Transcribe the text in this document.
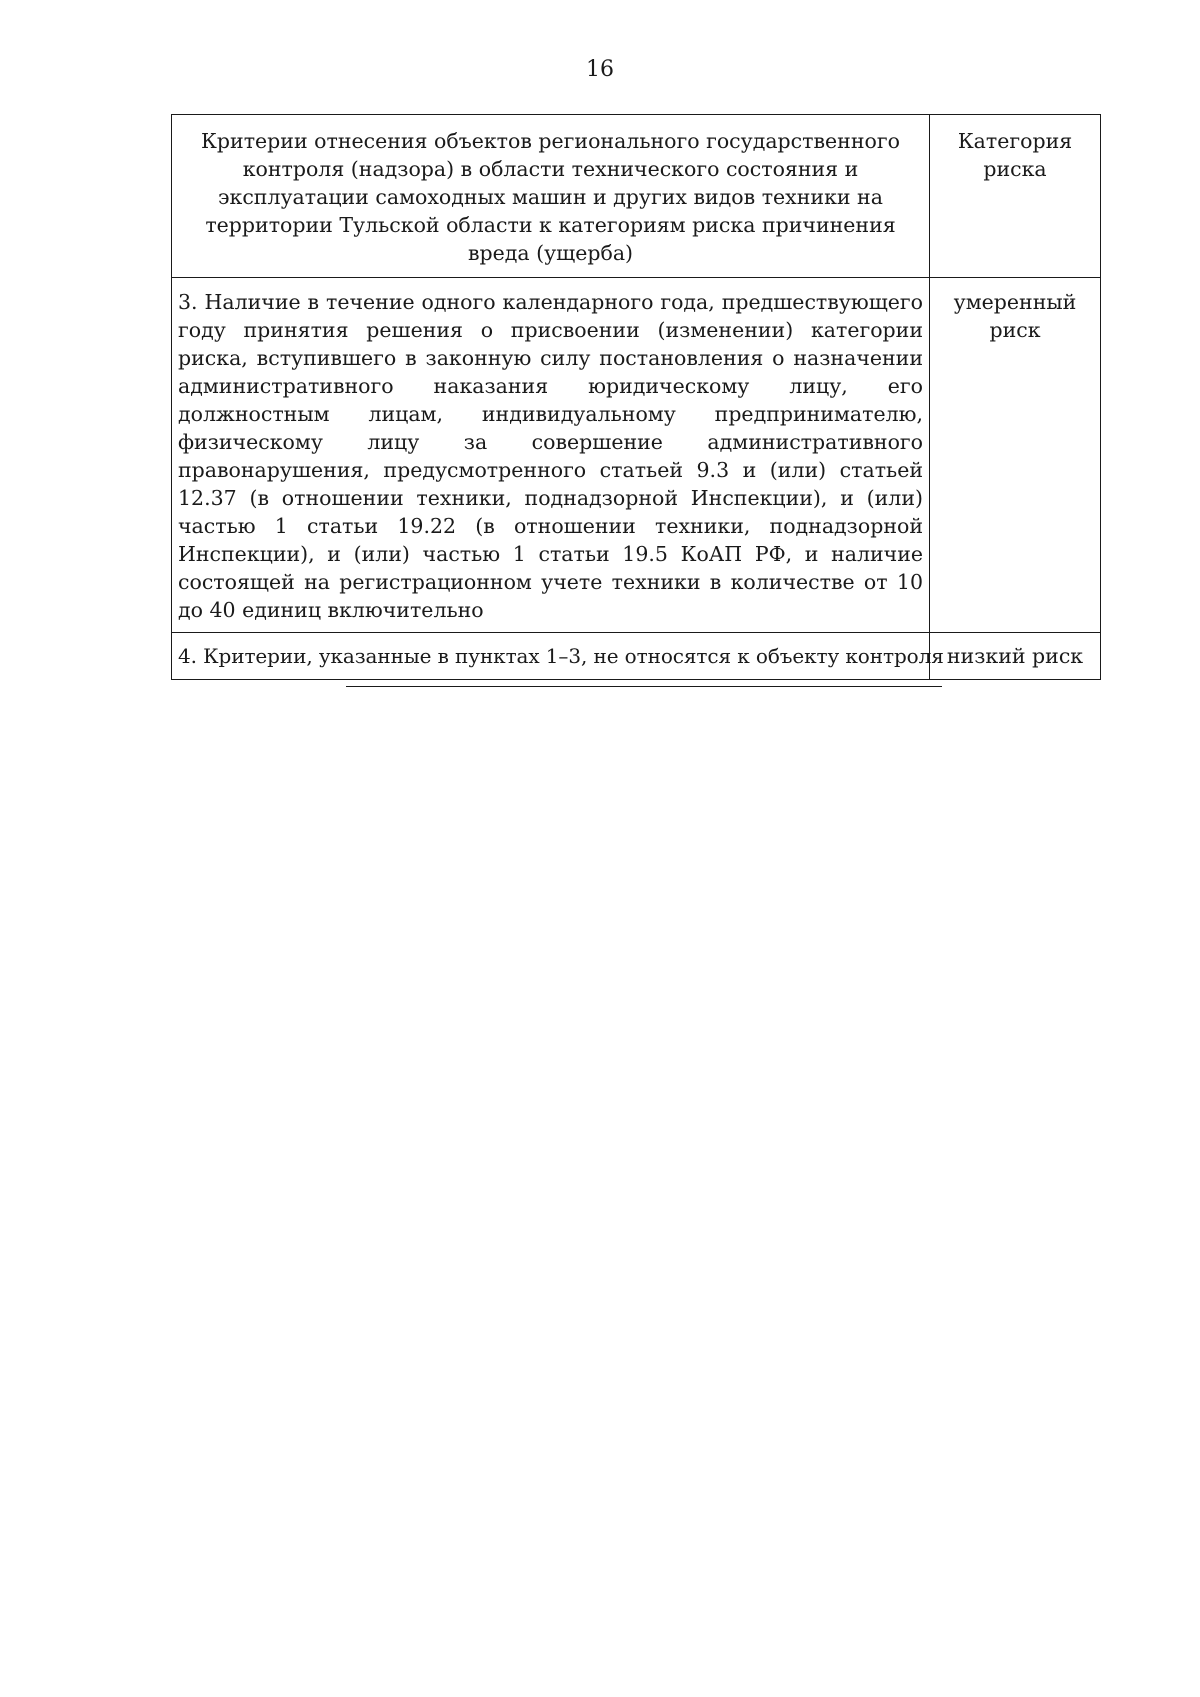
16
Критерии отнесения объектов регионального государственного контроля (надзора) в области технического состояния и эксплуатации самоходных машин и других видов техники на территории Тульской области к категориям риска причинения вреда (ущерба)	Категория риска
3. Наличие в течение одного календарного года, предшествующего году принятия решения о присвоении (изменении) категории риска, вступившего в законную силу постановления о назначении административного наказания юридическому лицу, его должностным лицам, индивидуальному предпринимателю, физическому лицу за совершение административного правонарушения, предусмотренного статьей 9.3 и (или) статьей 12.37 (в отношении техники, поднадзорной Инспекции), и (или) частью 1 статьи 19.22 (в отношении техники, поднадзорной Инспекции), и (или) частью 1 статьи 19.5 КоАП РФ, и наличие состоящей на регистрационном учете техники в количестве от 10 до 40 единиц включительно	умеренный риск
4. Критерии, указанные в пунктах 1–3, не относятся к объекту контроля	низкий риск
